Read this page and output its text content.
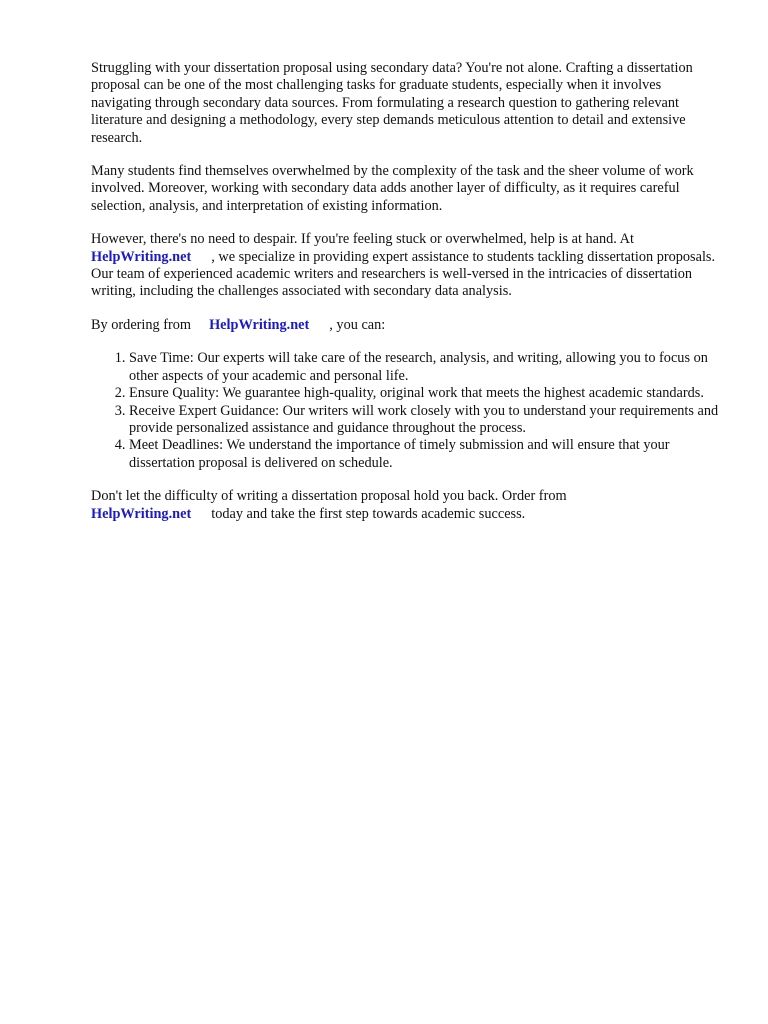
Struggling with your dissertation proposal using secondary data? You're not alone. Crafting a dissertation proposal can be one of the most challenging tasks for graduate students, especially when it involves navigating through secondary data sources. From formulating a research question to gathering relevant literature and designing a methodology, every step demands meticulous attention to detail and extensive research.

Many students find themselves overwhelmed by the complexity of the task and the sheer volume of work involved. Moreover, working with secondary data adds another layer of difficulty, as it requires careful selection, analysis, and interpretation of existing information.

However, there's no need to despair. If you're feeling stuck or overwhelmed, help is at hand. At
HelpWriting.net , we specialize in providing expert assistance to students tackling dissertation proposals. Our team of experienced academic writers and researchers is well-versed in the intricacies of dissertation writing, including the challenges associated with secondary data analysis.

By ordering from HelpWriting.net , you can:

1. Save Time: Our experts will take care of the research, analysis, and writing, allowing you to focus on other aspects of your academic and personal life.
2. Ensure Quality: We guarantee high-quality, original work that meets the highest academic standards.
3. Receive Expert Guidance: Our writers will work closely with you to understand your requirements and provide personalized assistance and guidance throughout the process.
4. Meet Deadlines: We understand the importance of timely submission and will ensure that your dissertation proposal is delivered on schedule.

Don't let the difficulty of writing a dissertation proposal hold you back. Order from
HelpWriting.net today and take the first step towards academic success.
